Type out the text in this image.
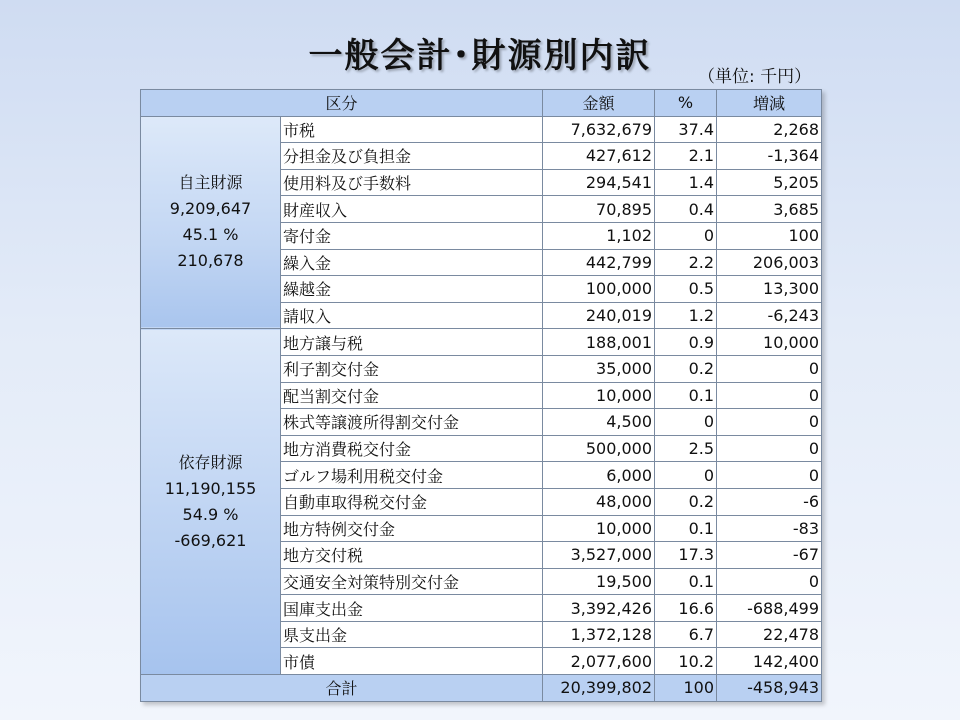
一般会計･財源別内訳
（単位: 千円）
区分		金額	%	増減

自主財源
9,209,647
45.1 %
210,678	市税	7,632,679	37.4	2,268
	分担金及び負担金	427,612	2.1	-1,364
	使用料及び手数料	294,541	1.4	5,205
	財産収入	70,895	0.4	3,685
	寄付金	1,102	0	100
	繰入金	442,799	2.2	206,003
	繰越金	100,000	0.5	13,300
	請収入	240,019	1.2	-6,243

依存財源
11,190,155
54.9 %
-669,621	地方譲与税	188,001	0.9	10,000
	利子割交付金	35,000	0.2	0
	配当割交付金	10,000	0.1	0
	株式等譲渡所得割交付金	4,500	0	0
	地方消費税交付金	500,000	2.5	0
	ゴルフ場利用税交付金	6,000	0	0
	自動車取得税交付金	48,000	0.2	-6
	地方特例交付金	10,000	0.1	-83
	地方交付税	3,527,000	17.3	-67
	交通安全対策特別交付金	19,500	0.1	0
	国庫支出金	3,392,426	16.6	-688,499
	県支出金	1,372,128	6.7	22,478
	市債	2,077,600	10.2	142,400
合計		20,399,802	100	-458,943
